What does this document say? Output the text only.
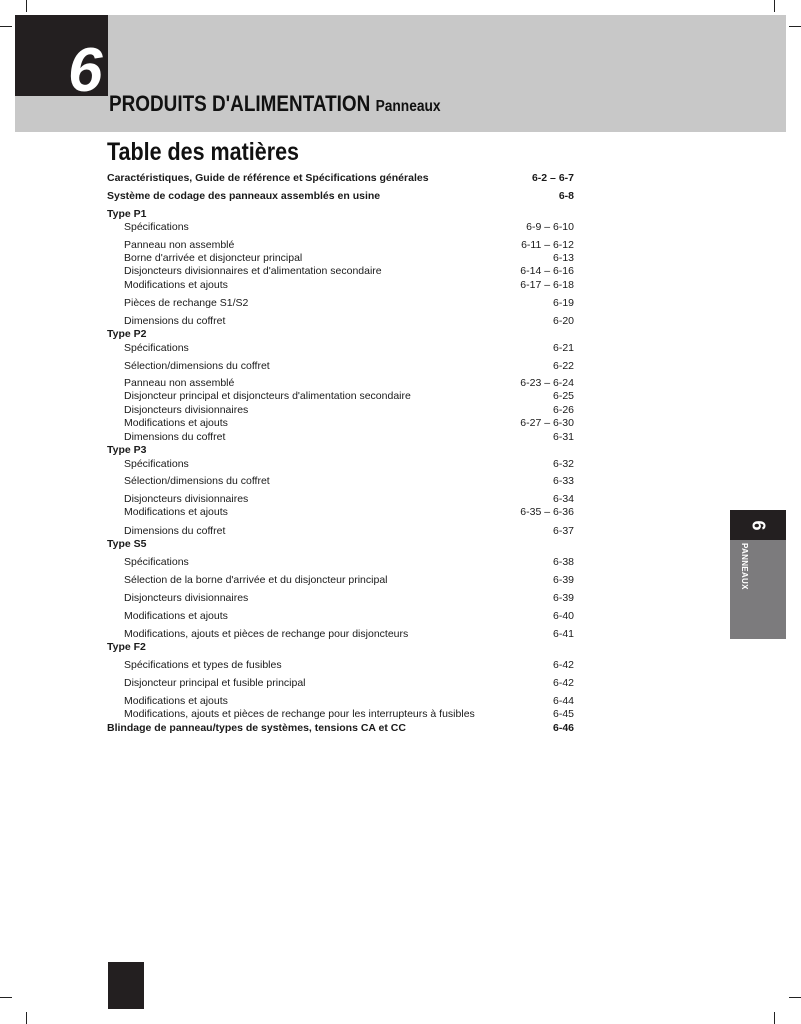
6 PRODUITS D'ALIMENTATION Panneaux
Table des matières
Caractéristiques, Guide de référence et Spécifications générales	6-2 – 6-7
Système de codage des panneaux assemblés en usine	6-8
Type P1
Spécifications	6-9 – 6-10
Panneau non assemblé	6-11 – 6-12
Borne d'arrivée et disjoncteur principal	6-13
Disjoncteurs divisionnaires et d'alimentation secondaire	6-14 – 6-16
Modifications et ajouts	6-17 – 6-18
Pièces de rechange S1/S2	6-19
Dimensions du coffret	6-20
Type P2
Spécifications	6-21
Sélection/dimensions du coffret	6-22
Panneau non assemblé	6-23 – 6-24
Disjoncteur principal et disjoncteurs d'alimentation secondaire	6-25
Disjoncteurs divisionnaires	6-26
Modifications et ajouts	6-27 – 6-30
Dimensions du coffret	6-31
Type P3
Spécifications	6-32
Sélection/dimensions du coffret	6-33
Disjoncteurs divisionnaires	6-34
Modifications et ajouts	6-35 – 6-36
Dimensions du coffret	6-37
Type S5
Spécifications	6-38
Sélection de la borne d'arrivée et du disjoncteur principal	6-39
Disjoncteurs divisionnaires	6-39
Modifications et ajouts	6-40
Modifications, ajouts et pièces de rechange pour disjoncteurs	6-41
Type F2
Spécifications et types de fusibles	6-42
Disjoncteur principal et fusible principal	6-42
Modifications et ajouts	6-44
Modifications, ajouts et pièces de rechange pour les interrupteurs à fusibles	6-45
Blindage de panneau/types de systèmes, tensions CA et CC	6-46
6
PANNEAUX
